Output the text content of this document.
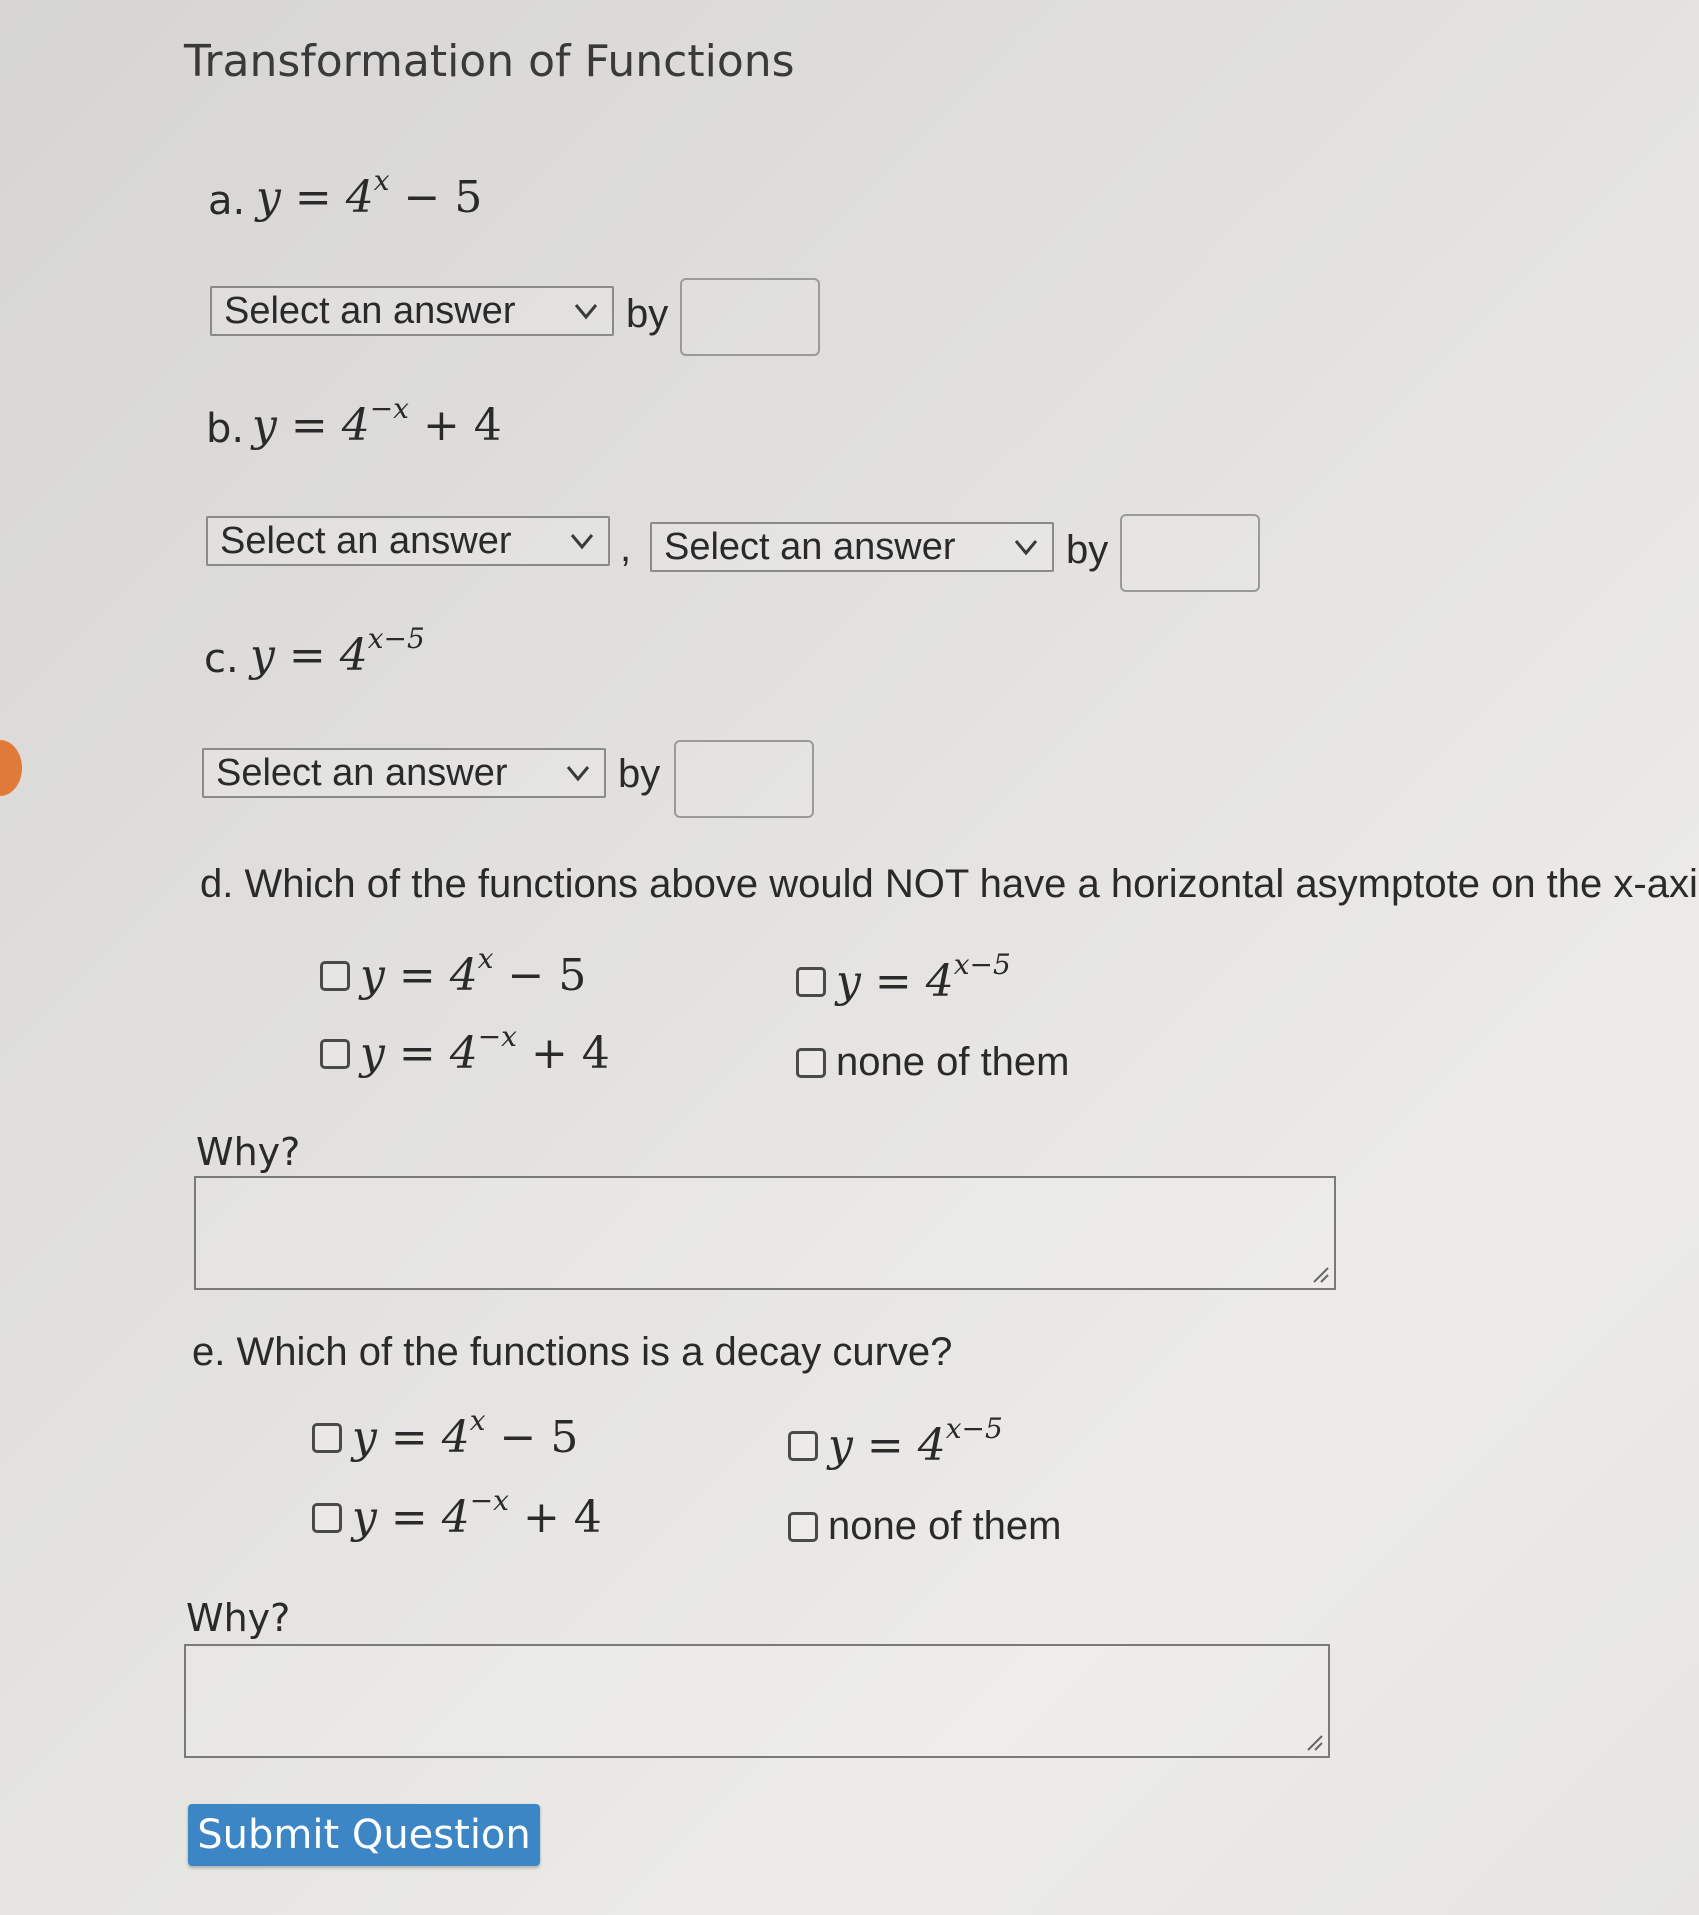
Transformation of Functions
a. $y = 4^x - 5$
Select an answer	by
b. $y = 4^{-x} + 4$
Select an answer	, Select an answer	by
c. $y = 4^{x-5}$
Select an answer	by
d. Which of the functions above would NOT have a horizontal asymptote on the x-axi
$y = 4^x - 5$	$y = 4^{x-5}$
$y = 4^{-x} + 4$	none of them
Why?
e. Which of the functions is a decay curve?
$y = 4^x - 5$	$y = 4^{x-5}$
$y = 4^{-x} + 4$	none of them
Why?
Submit Question
